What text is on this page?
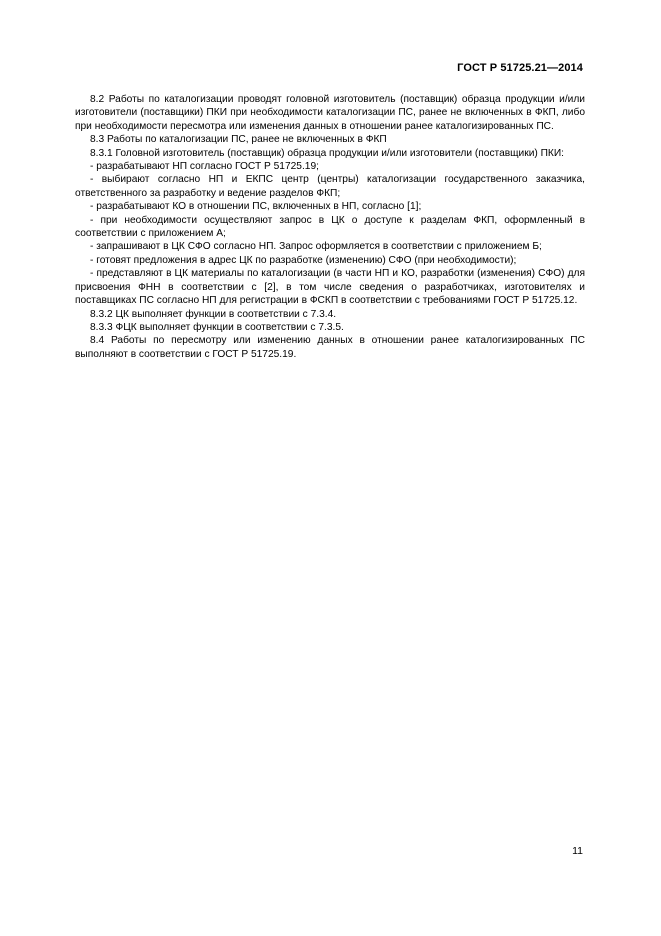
ГОСТ Р 51725.21—2014

8.2 Работы по каталогизации проводят головной изготовитель (поставщик) образца продукции и/или изготовители (поставщики) ПКИ при необходимости каталогизации ПС, ранее не включенных в ФКП, либо при необходимости пересмотра или изменения данных в отношении ранее каталогизированных ПС.

8.3 Работы по каталогизации ПС, ранее не включенных в ФКП

8.3.1 Головной изготовитель (поставщик) образца продукции и/или изготовители (поставщики) ПКИ:

- разрабатывают НП согласно ГОСТ Р 51725.19;

- выбирают согласно НП и ЕКПС центр (центры) каталогизации государственного заказчика, ответственного за разработку и ведение разделов ФКП;

- разрабатывают КО в отношении ПС, включенных в НП, согласно [1];

- при необходимости осуществляют запрос в ЦК о доступе к разделам ФКП, оформленный в соответствии с приложением А;

- запрашивают в ЦК СФО согласно НП. Запрос оформляется в соответствии с приложением Б;

- готовят предложения в адрес ЦК по разработке (изменению) СФО (при необходимости);

- представляют в ЦК материалы по каталогизации (в части НП и КО, разработки (изменения) СФО) для присвоения ФНН в соответствии с [2], в том числе сведения о разработчиках, изготовителях и поставщиках ПС согласно НП для регистрации в ФСКП в соответствии с требованиями ГОСТ Р 51725.12.

8.3.2 ЦК выполняет функции в соответствии с 7.3.4.

8.3.3 ФЦК выполняет функции в соответствии с 7.3.5.

8.4 Работы по пересмотру или изменению данных в отношении ранее каталогизированных ПС выполняют в соответствии с ГОСТ Р 51725.19.

11
